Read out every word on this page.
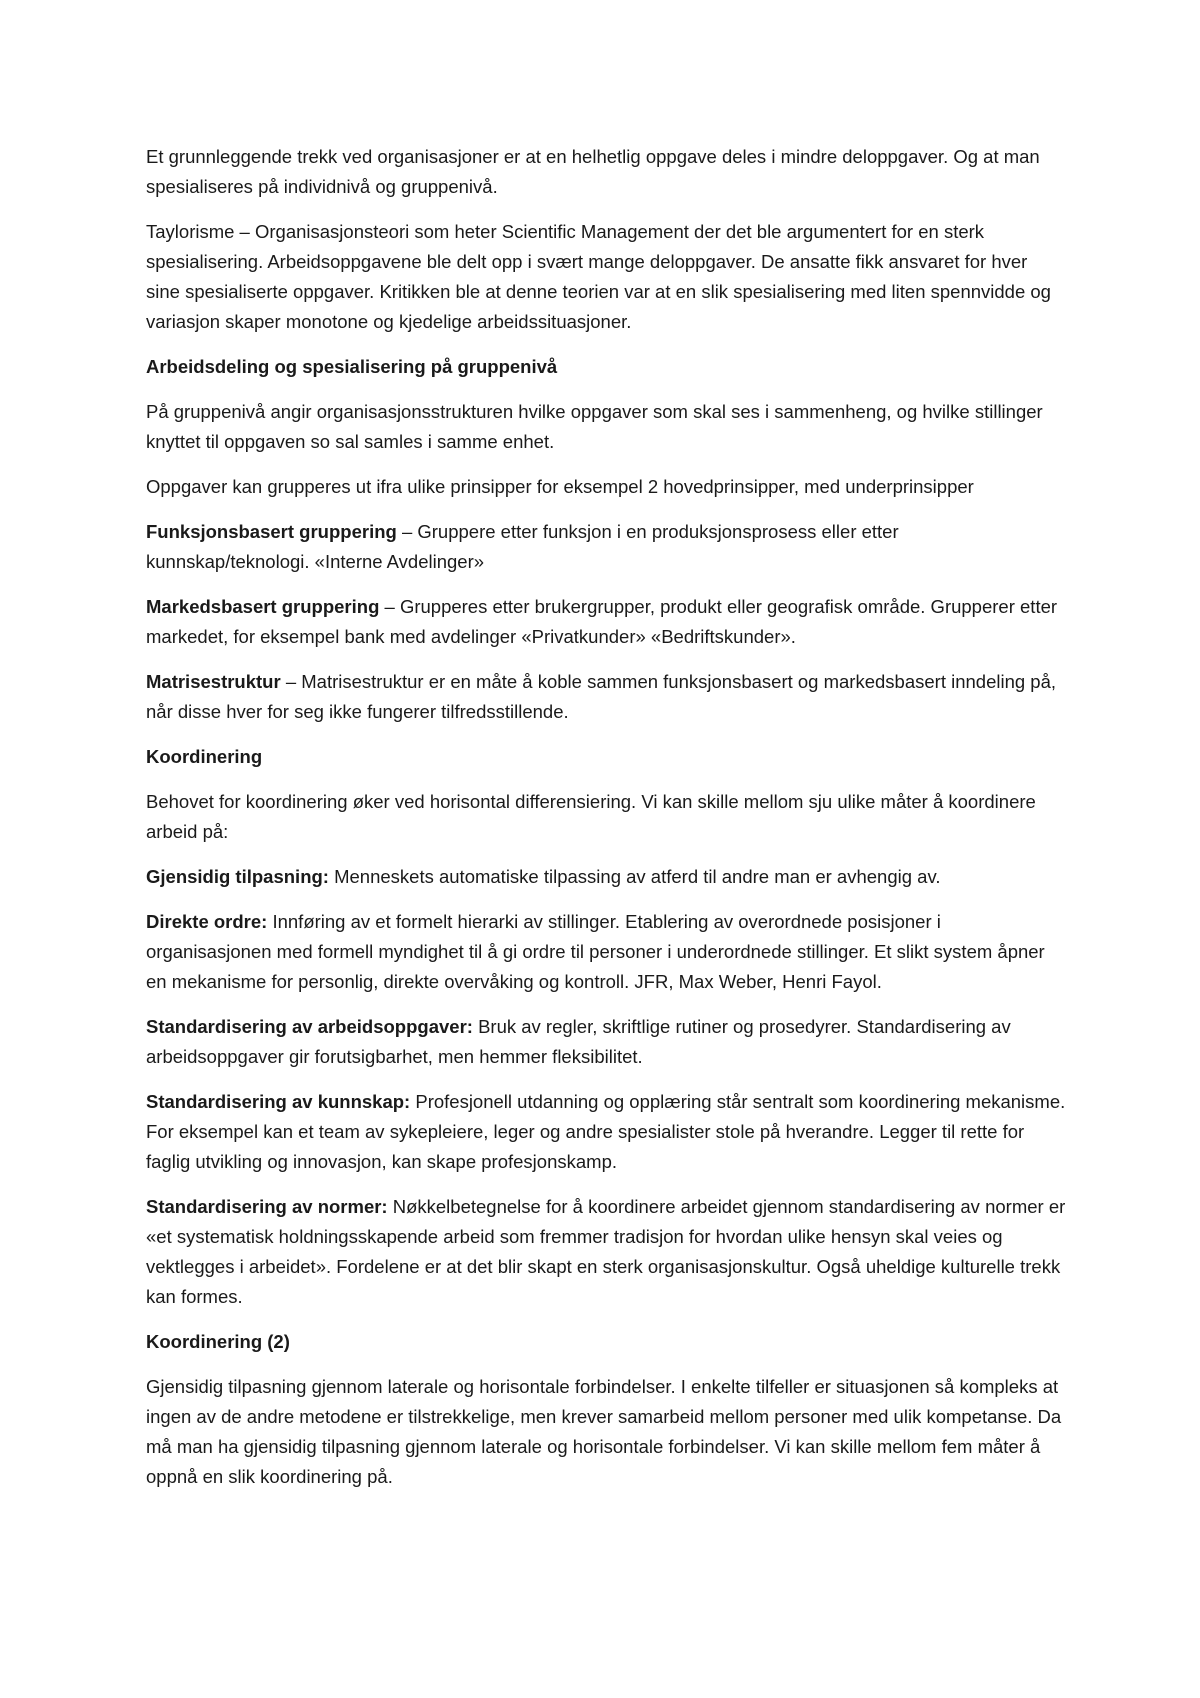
Et grunnleggende trekk ved organisasjoner er at en helhetlig oppgave deles i mindre deloppgaver. Og at man spesialiseres på individnivå og gruppenivå.

Taylorisme – Organisasjonsteori som heter Scientific Management der det ble argumentert for en sterk spesialisering. Arbeidsoppgavene ble delt opp i svært mange deloppgaver. De ansatte fikk ansvaret for hver sine spesialiserte oppgaver. Kritikken ble at denne teorien var at en slik spesialisering med liten spennvidde og variasjon skaper monotone og kjedelige arbeidssituasjoner.

Arbeidsdeling og spesialisering på gruppenivå

På gruppenivå angir organisasjonsstrukturen hvilke oppgaver som skal ses i sammenheng, og hvilke stillinger knyttet til oppgaven so sal samles i samme enhet.

Oppgaver kan grupperes ut ifra ulike prinsipper for eksempel 2 hovedprinsipper, med underprinsipper

Funksjonsbasert gruppering – Gruppere etter funksjon i en produksjonsprosess eller etter kunnskap/teknologi. «Interne Avdelinger»

Markedsbasert gruppering – Grupperes etter brukergrupper, produkt eller geografisk område. Grupperer etter markedet, for eksempel bank med avdelinger «Privatkunder» «Bedriftskunder».

Matrisestruktur – Matrisestruktur er en måte å koble sammen funksjonsbasert og markedsbasert inndeling på, når disse hver for seg ikke fungerer tilfredsstillende.

Koordinering

Behovet for koordinering øker ved horisontal differensiering. Vi kan skille mellom sju ulike måter å koordinere arbeid på:

Gjensidig tilpasning: Menneskets automatiske tilpassing av atferd til andre man er avhengig av.

Direkte ordre: Innføring av et formelt hierarki av stillinger. Etablering av overordnede posisjoner i organisasjonen med formell myndighet til å gi ordre til personer i underordnede stillinger. Et slikt system åpner en mekanisme for personlig, direkte overvåking og kontroll. JFR, Max Weber, Henri Fayol.

Standardisering av arbeidsoppgaver: Bruk av regler, skriftlige rutiner og prosedyrer. Standardisering av arbeidsoppgaver gir forutsigbarhet, men hemmer fleksibilitet.

Standardisering av kunnskap: Profesjonell utdanning og opplæring står sentralt som koordinering mekanisme. For eksempel kan et team av sykepleiere, leger og andre spesialister stole på hverandre. Legger til rette for faglig utvikling og innovasjon, kan skape profesjonskamp.

Standardisering av normer: Nøkkelbetegnelse for å koordinere arbeidet gjennom standardisering av normer er «et systematisk holdningsskapende arbeid som fremmer tradisjon for hvordan ulike hensyn skal veies og vektlegges i arbeidet». Fordelene er at det blir skapt en sterk organisasjonskultur. Også uheldige kulturelle trekk kan formes.

Koordinering (2)

Gjensidig tilpasning gjennom laterale og horisontale forbindelser. I enkelte tilfeller er situasjonen så kompleks at ingen av de andre metodene er tilstrekkelige, men krever samarbeid mellom personer med ulik kompetanse. Da må man ha gjensidig tilpasning gjennom laterale og horisontale forbindelser. Vi kan skille mellom fem måter å oppnå en slik koordinering på.
